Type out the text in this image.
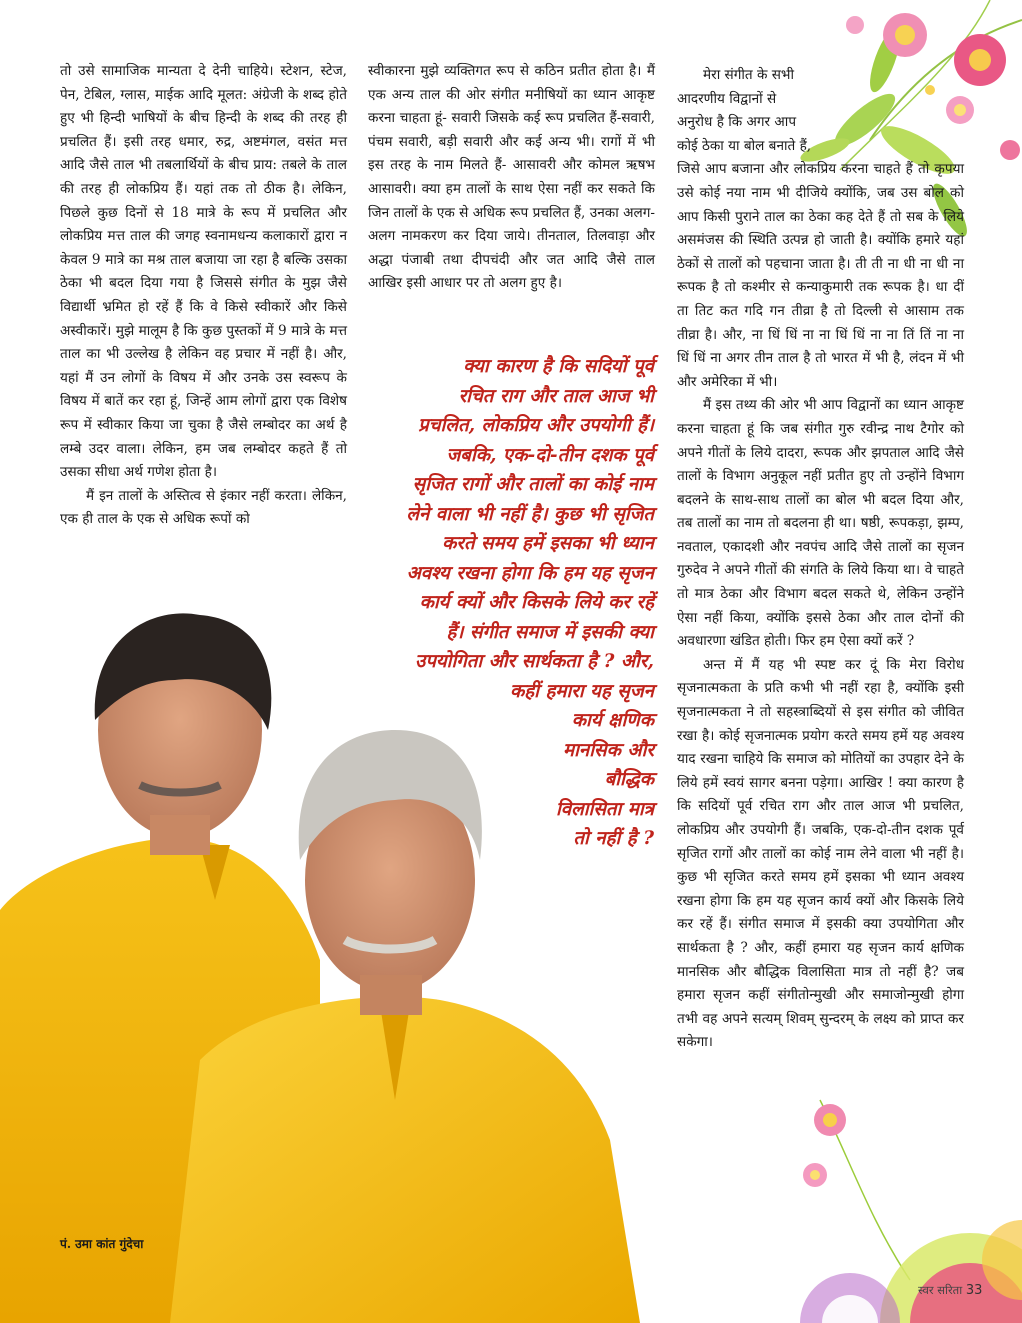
तो उसे सामाजिक मान्यता दे देनी चाहिये। स्टेशन, स्टेज, पेन, टेबिल, ग्लास, माईक आदि मूलत: अंग्रेजी के शब्द होते हुए भी हिन्दी भाषियों के बीच हिन्दी के शब्द की तरह ही प्रचलित हैं। इसी तरह धमार, रुद्र, अष्टमंगल, वसंत मत्त आदि जैसे ताल भी तबलार्थियों के बीच प्राय: तबले के ताल की तरह ही लोकप्रिय हैं। यहां तक तो ठीक है। लेकिन, पिछले कुछ दिनों से 18 मात्रे के रूप में प्रचलित और लोकप्रिय मत्त ताल की जगह स्वनामधन्य कलाकारों द्वारा न केवल 9 मात्रे का मश्र ताल बजाया जा रहा है बल्कि उसका ठेका भी बदल दिया गया है जिससे संगीत के मुझ जैसे विद्यार्थी भ्रमित हो रहें हैं कि वे किसे स्वीकारें और किसे अस्वीकारें। मुझे मालूम है कि कुछ पुस्तकों में 9 मात्रे के मत्त ताल का भी उल्लेख है लेकिन वह प्रचार में नहीं है। और, यहां मैं उन लोगों के विषय में और उनके उस स्वरूप के विषय में बातें कर रहा हूं, जिन्हें आम लोगों द्वारा एक विशेष रूप में स्वीकार किया जा चुका है जैसे लम्बोदर का अर्थ है लम्बे उदर वाला। लेकिन, हम जब लम्बोदर कहते हैं तो उसका सीधा अर्थ गणेश होता है।

मैं इन तालों के अस्तित्व से इंकार नहीं करता। लेकिन, एक ही ताल के एक से अधिक रूपों को

स्वीकारना मुझे व्यक्तिगत रूप से कठिन प्रतीत होता है। मैं एक अन्य ताल की ओर संगीत मनीषियों का ध्यान आकृष्ट करना चाहता हूं- सवारी जिसके कई रूप प्रचलित हैं-सवारी, पंचम सवारी, बड़ी सवारी और कई अन्य भी। रागों में भी इस तरह के नाम मिलते हैं- आसावरी और कोमल ऋषभ आसावरी। क्या हम तालों के साथ ऐसा नहीं कर सकते कि जिन तालों के एक से अधिक रूप प्रचलित हैं, उनका अलग-अलग नामकरण कर दिया जाये। तीनताल, तिलवाड़ा और अद्धा पंजाबी तथा दीपचंदी और जत आदि जैसे ताल आखिर इसी आधार पर तो अलग हुए है।

मेरा संगीत के सभी
आदरणीय विद्वानों से
अनुरोध है कि अगर आप
कोई ठेका या बोल बनाते हैं,

जिसे आप बजाना और लोकप्रिय करना चाहते हैं तो कृपया उसे कोई नया नाम भी दीजिये क्योंकि, जब उस बोल को आप किसी पुराने ताल का ठेका कह देते हैं तो सब के लिये असमंजस की स्थिति उत्पन्न हो जाती है। क्योंकि हमारे यहां ठेकों से तालों को पहचाना जाता है। ती ती ना धी ना धी ना रूपक है तो कश्मीर से कन्याकुमारी तक रूपक है। धा दीं ता तिट कत गदि गन तीव्रा है तो दिल्ली से आसाम तक तीव्रा है। और, ना धिं धिं ना ना धिं धिं ना ना तिं तिं ना ना धिं धिं ना अगर तीन ताल है तो भारत में भी है, लंदन में भी और अमेरिका में भी।

मैं इस तथ्य की ओर भी आप विद्वानों का ध्यान आकृष्ट करना चाहता हूं कि जब संगीत गुरु रवीन्द्र नाथ टैगोर को अपने गीतों के लिये दादरा, रूपक और झपताल आदि जैसे तालों के विभाग अनुकूल नहीं प्रतीत हुए तो उन्होंने विभाग बदलने के साथ-साथ तालों का बोल भी बदल दिया और, तब तालों का नाम तो बदलना ही था। षष्ठी, रूपकड़ा, झम्प, नवताल, एकादशी और नवपंच आदि जैसे तालों का सृजन गुरुदेव ने अपने गीतों की संगति के लिये किया था। वे चाहते तो मात्र ठेका और विभाग बदल सकते थे, लेकिन उन्होंने ऐसा नहीं किया, क्योंकि इससे ठेका और ताल दोनों की अवधारणा खंडित होती। फिर हम ऐसा क्यों करें ?

अन्त में मैं यह भी स्पष्ट कर दूं कि मेरा विरोध सृजनात्मकता के प्रति कभी भी नहीं रहा है, क्योंकि इसी सृजनात्मकता ने तो सहस्त्राब्दियों से इस संगीत को जीवित रखा है। कोई सृजनात्मक प्रयोग करते समय हमें यह अवश्य याद रखना चाहिये कि समाज को मोतियों का उपहार देने के लिये हमें स्वयं सागर बनना पड़ेगा। आखिर ! क्या कारण है कि सदियों पूर्व रचित राग और ताल आज भी प्रचलित, लोकप्रिय और उपयोगी हैं। जबकि, एक-दो-तीन दशक पूर्व सृजित रागों और तालों का कोई नाम लेने वाला भी नहीं है। कुछ भी सृजित करते समय हमें इसका भी ध्यान अवश्य रखना होगा कि हम यह सृजन कार्य क्यों और किसके लिये कर रहें हैं। संगीत समाज में इसकी क्या उपयोगिता और सार्थकता है ? और, कहीं हमारा यह सृजन कार्य क्षणिक मानसिक और बौद्धिक विलासिता मात्र तो नहीं है? जब हमारा सृजन कहीं संगीतोन्मुखी और समाजोन्मुखी होगा तभी वह अपने सत्यम् शिवम् सुन्दरम् के लक्ष्य को प्राप्त कर सकेगा।

क्या कारण है कि सदियों पूर्व
रचित राग और ताल आज भी
प्रचलित, लोकप्रिय और उपयोगी हैं।
जबकि, एक-दो-तीन दशक पूर्व
सृजित रागों और तालों का कोई नाम
लेने वाला भी नहीं है। कुछ भी सृजित
करते समय हमें इसका भी ध्यान
अवश्य रखना होगा कि हम यह सृजन
कार्य क्यों और किसके लिये कर रहें
हैं। संगीत समाज में इसकी क्या
उपयोगिता और सार्थकता है ? और,
कहीं हमारा यह सृजन
कार्य क्षणिक
मानसिक और
बौद्धिक
विलासिता मात्र
तो नहीं है ?
पं. उमा कांत गुंदेचा
स्वर सरिता 33
